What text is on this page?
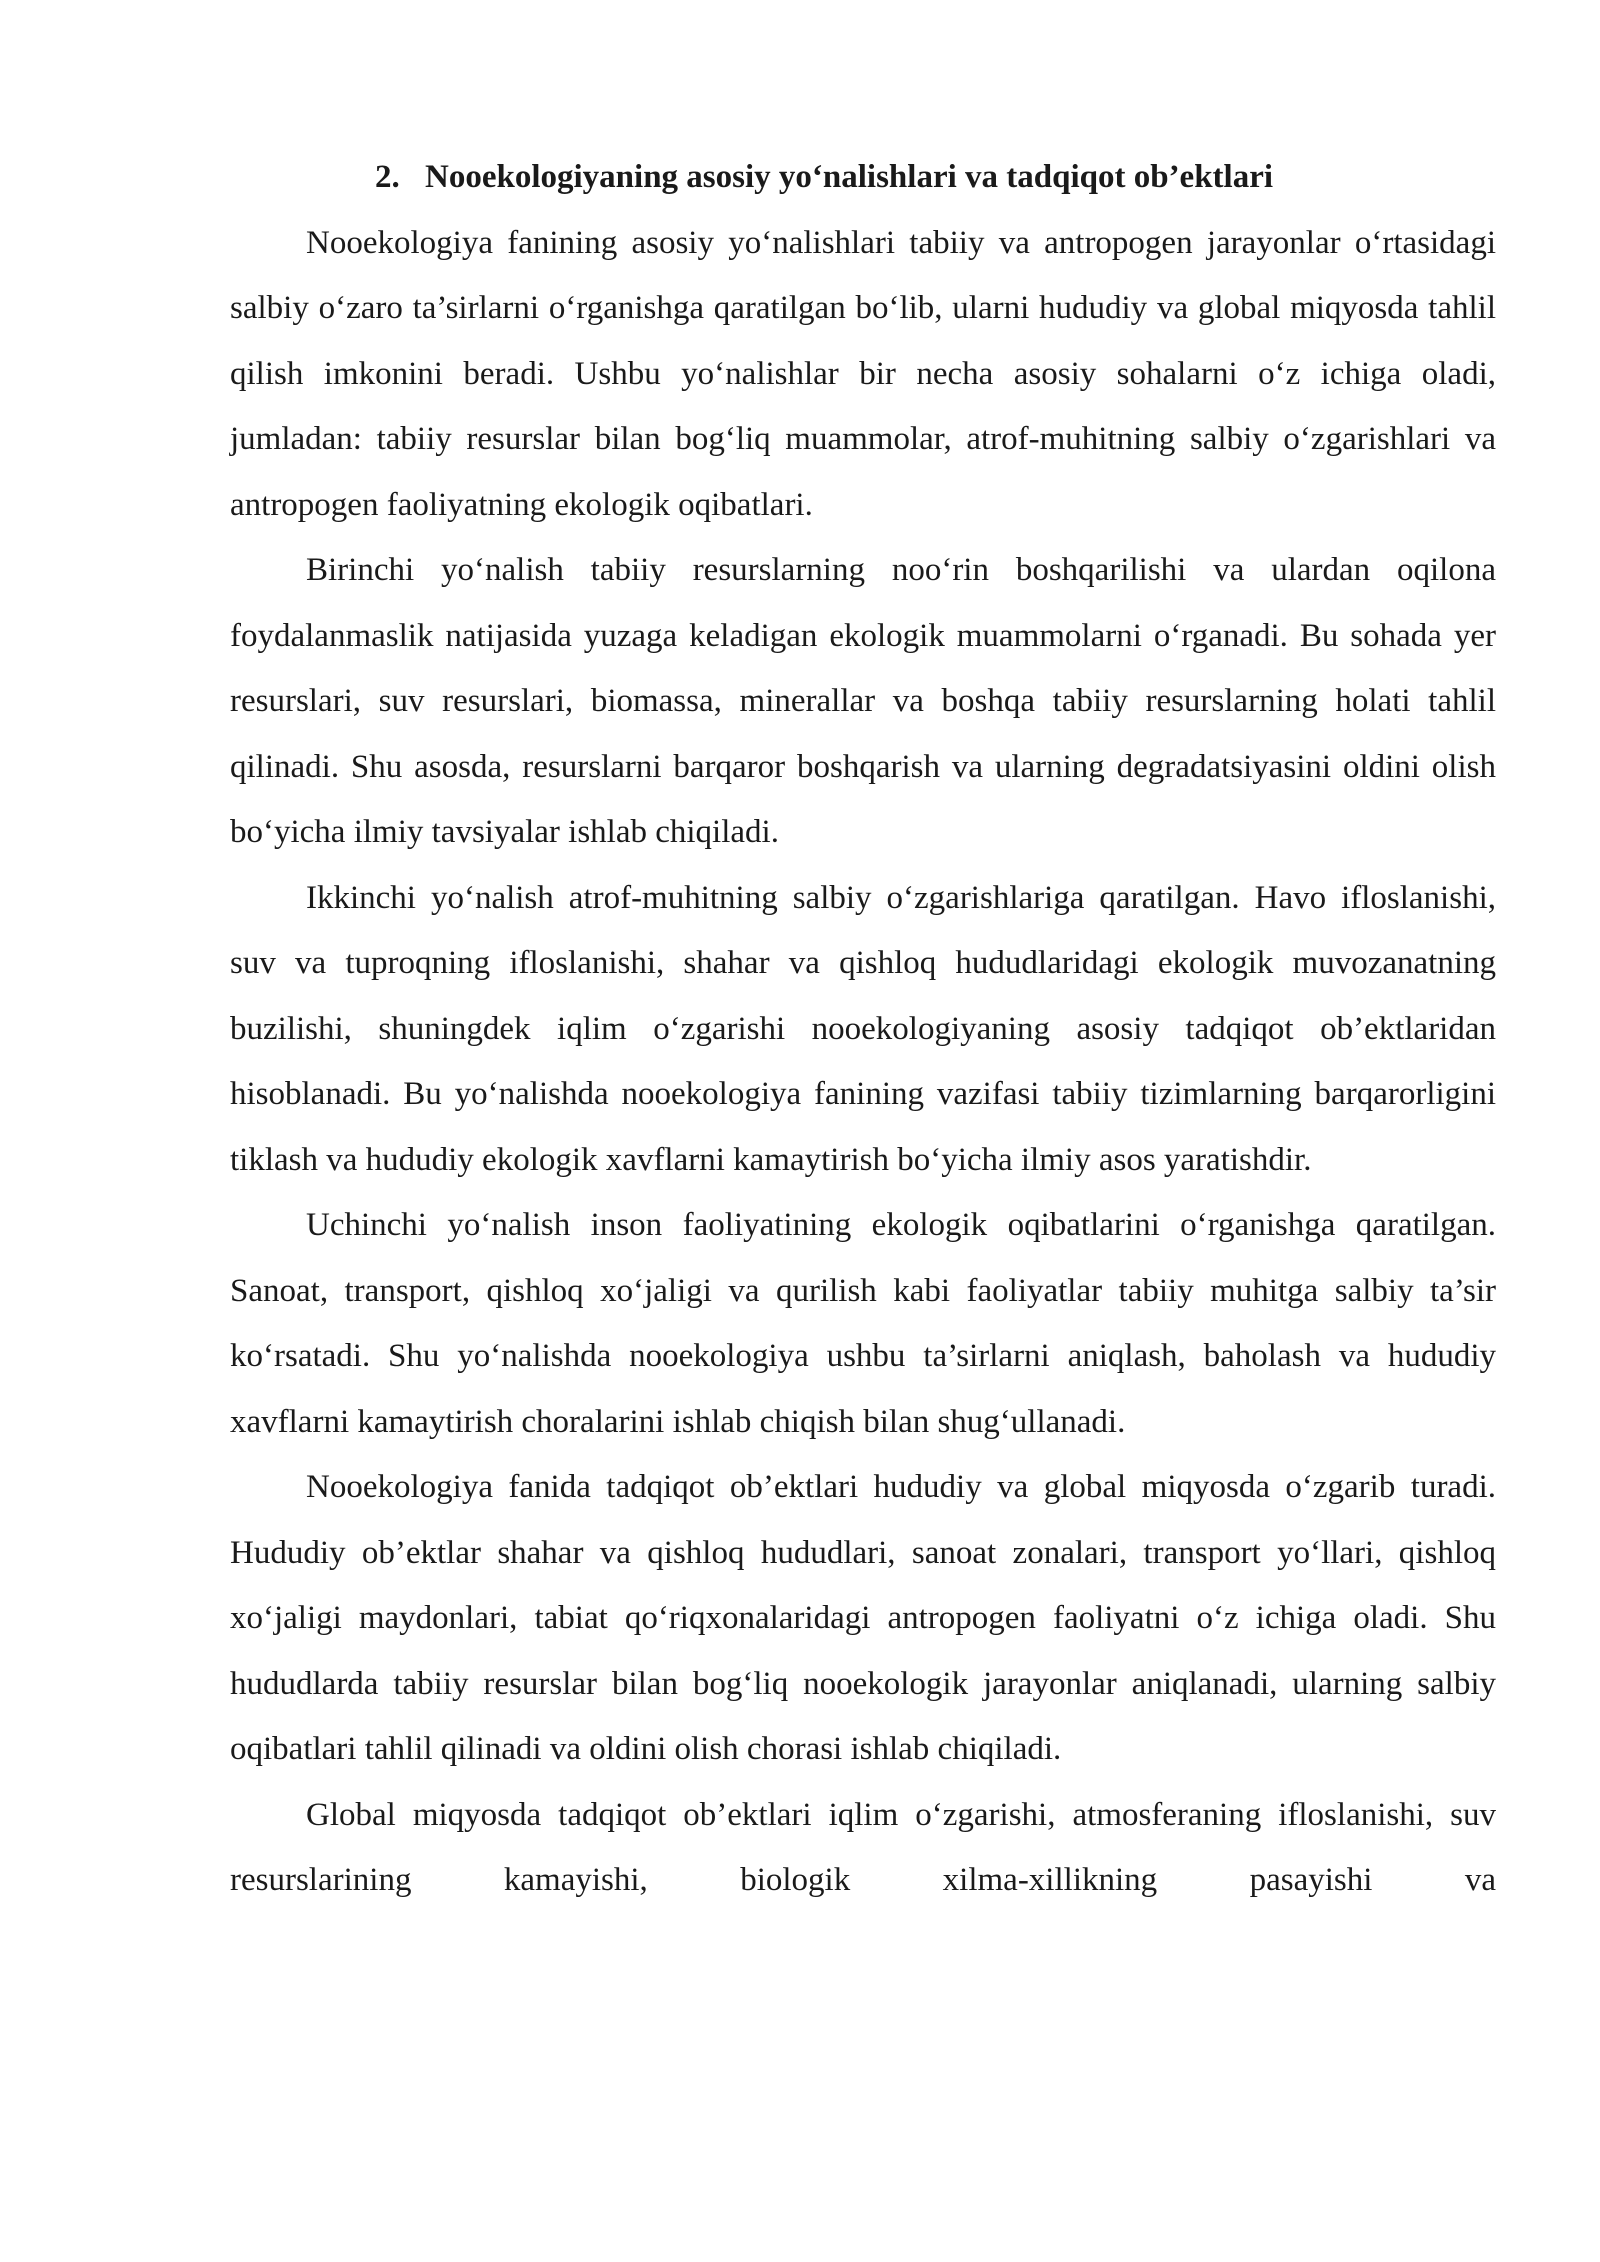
2. Nooekologiyaning asosiy yo‘nalishlari va tadqiqot ob’ektlari

Nooekologiya fanining asosiy yo‘nalishlari tabiiy va antropogen jarayonlar o‘rtasidagi salbiy o‘zaro ta’sirlarni o‘rganishga qaratilgan bo‘lib, ularni hududiy va global miqyosda tahlil qilish imkonini beradi. Ushbu yo‘nalishlar bir necha asosiy sohalarni o‘z ichiga oladi, jumladan: tabiiy resurslar bilan bog‘liq muammolar, atrof-muhitning salbiy o‘zgarishlari va antropogen faoliyatning ekologik oqibatlari.

Birinchi yo‘nalish tabiiy resurslarning noo‘rin boshqarilishi va ulardan oqilona foydalanmaslik natijasida yuzaga keladigan ekologik muammolarni o‘rganadi. Bu sohada yer resurslari, suv resurslari, biomassa, minerallar va boshqa tabiiy resurslarning holati tahlil qilinadi. Shu asosda, resurslarni barqaror boshqarish va ularning degradatsiyasini oldini olish bo‘yicha ilmiy tavsiyalar ishlab chiqiladi.

Ikkinchi yo‘nalish atrof-muhitning salbiy o‘zgarishlariga qaratilgan. Havo ifloslanishi, suv va tuproqning ifloslanishi, shahar va qishloq hududlaridagi ekologik muvozanatning buzilishi, shuningdek iqlim o‘zgarishi nooekologiyaning asosiy tadqiqot ob’ektlaridan hisoblanadi. Bu yo‘nalishda nooekologiya fanining vazifasi tabiiy tizimlarning barqarorligini tiklash va hududiy ekologik xavflarni kamaytirish bo‘yicha ilmiy asos yaratishdir.

Uchinchi yo‘nalish inson faoliyatining ekologik oqibatlarini o‘rganishga qaratilgan. Sanoat, transport, qishloq xo‘jaligi va qurilish kabi faoliyatlar tabiiy muhitga salbiy ta’sir ko‘rsatadi. Shu yo‘nalishda nooekologiya ushbu ta’sirlarni aniqlash, baholash va hududiy xavflarni kamaytirish choralarini ishlab chiqish bilan shug‘ullanadi.

Nooekologiya fanida tadqiqot ob’ektlari hududiy va global miqyosda o‘zgarib turadi. Hududiy ob’ektlar shahar va qishloq hududlari, sanoat zonalari, transport yo‘llari, qishloq xo‘jaligi maydonlari, tabiat qo‘riqxonalaridagi antropogen faoliyatni o‘z ichiga oladi. Shu hududlarda tabiiy resurslar bilan bog‘liq nooekologik jarayonlar aniqlanadi, ularning salbiy oqibatlari tahlil qilinadi va oldini olish chorasi ishlab chiqiladi.

Global miqyosda tadqiqot ob’ektlari iqlim o‘zgarishi, atmosferaning ifloslanishi, suv resurslarining kamayishi, biologik xilma-xillikning pasayishi va
